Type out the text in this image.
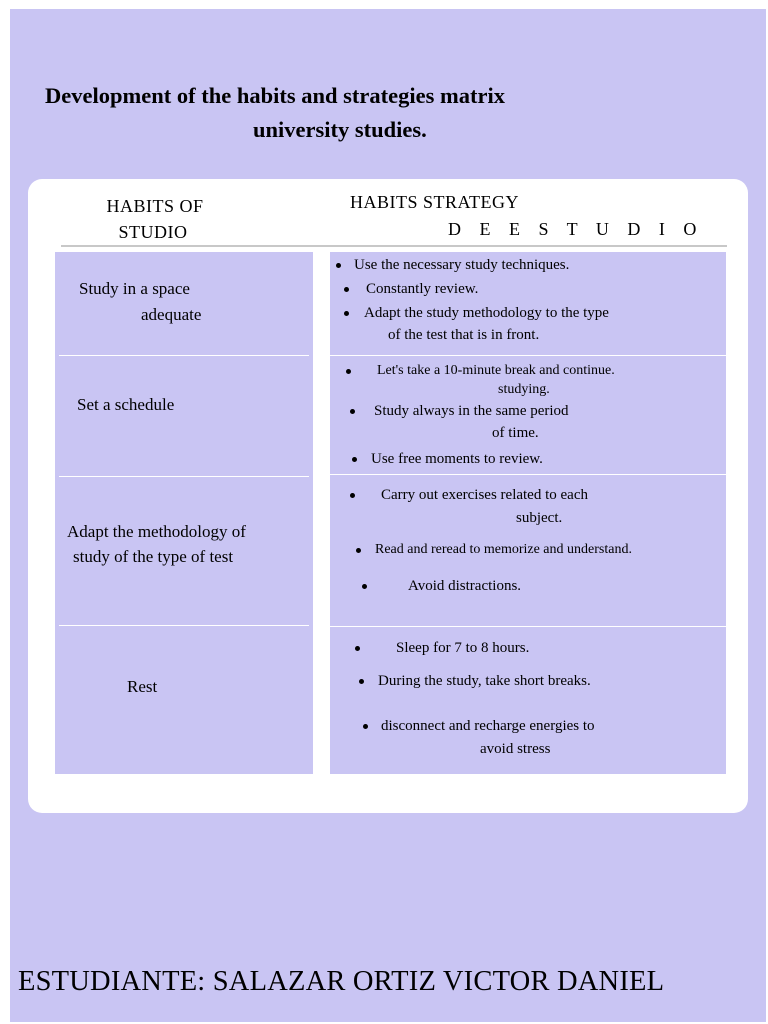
Development of the habits and strategies matrix
university studies.
HABITS OF
STUDIO
HABITS STRATEGY
D E E S T U D I O
Study in a space
adequate
Set a schedule
Adapt the methodology of
study of the type of test
Rest
Use the necessary study techniques.
Constantly review.
Adapt the study methodology to the type
of the test that is in front.
Let's take a 10-minute break and continue.
studying.
Study always in the same period
of time.
Use free moments to review.
Carry out exercises related to each
subject.
Read and reread to memorize and understand.
Avoid distractions.
Sleep for 7 to 8 hours.
During the study, take short breaks.
disconnect and recharge energies to
avoid stress
ESTUDIANTE: SALAZAR ORTIZ VICTOR DANIEL
